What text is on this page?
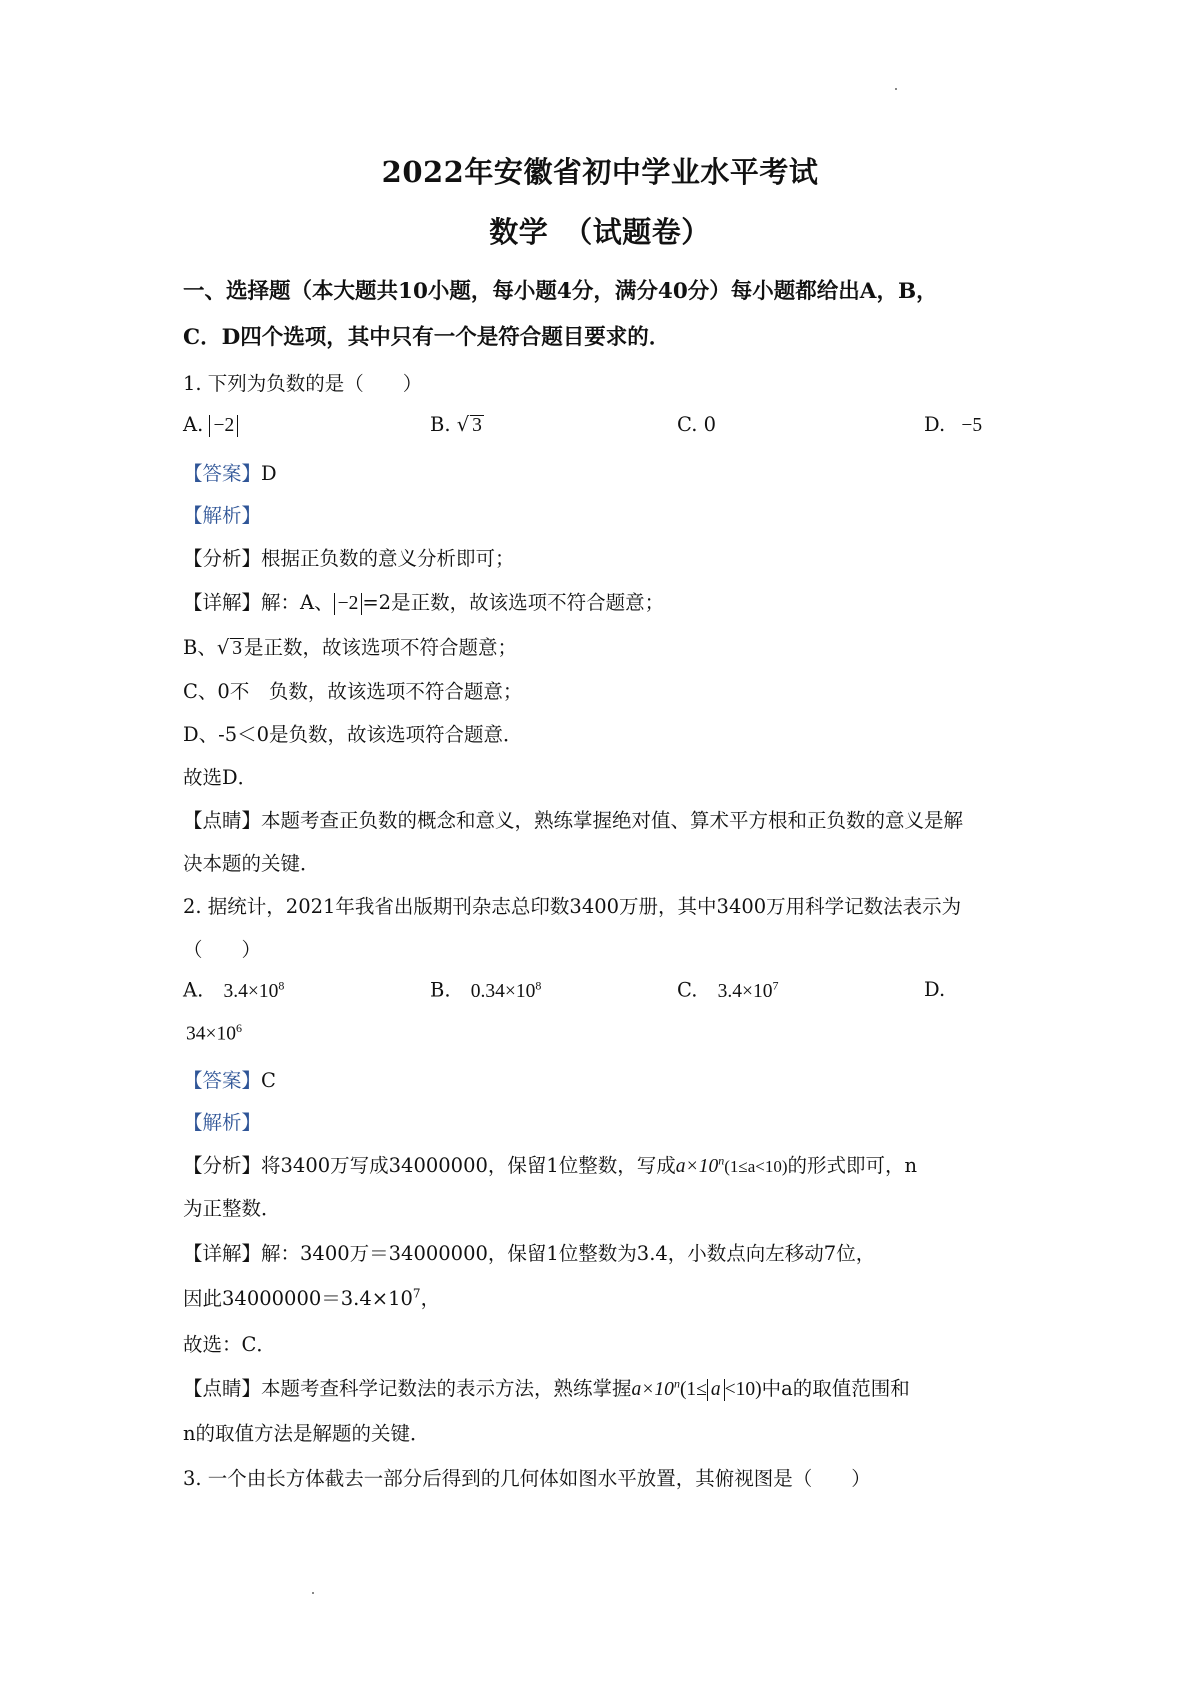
2022年安徽省初中学业水平考试
数学　（试题卷）
一、选择题（本大题共10小题，每小题4分，满分40分）每小题都给出A，B，
C．D四个选项，其中只有一个是符合题目要求的．
1. 下列为负数的是（　　）
A. −2	B. √ 3	C. 0	D. −5
【答案】D
【解析】
【分析】根据正负数的意义分析即可；
【详解】解：A、 −2 =2是正数，故该选项不符合题意；
B、√ 3 是正数，故该选项不符合题意；
C、0不　负数，故该选项不符合题意；
D、-5＜0是负数，故该选项符合题意．
故选D．
【点睛】本题考查正负数的概念和意义，熟练掌握绝对值、算术平方根和正负数的意义是解
决本题的关键．
2. 据统计，2021年我省出版期刊杂志总印数3400万册，其中3400万用科学记数法表示为
（　　）
A. $3.4\times 10^8$	B. $0.34\times 10^8$	C. $3.4\times 10^7$	D.
$34\times 10^6$
【答案】C
【解析】
【分析】将3400万写成34000000，保留1位整数，写成$a\times 10^n(1\le a<10)$的形式即可，n
为正整数．
【详解】解：3400万＝34000000，保留1位整数为3.4，小数点向左移动7位，
因此$34000000=3.4\times 10^7$，
故选：C．
【点睛】本题考查科学记数法的表示方法，熟练掌握$a\times 10^n(1\le a <10)$中a的取值范围和
n的取值方法是解题的关键．
3. 一个由长方体截去一部分后得到的几何体如图水平放置，其俯视图是（　　）
